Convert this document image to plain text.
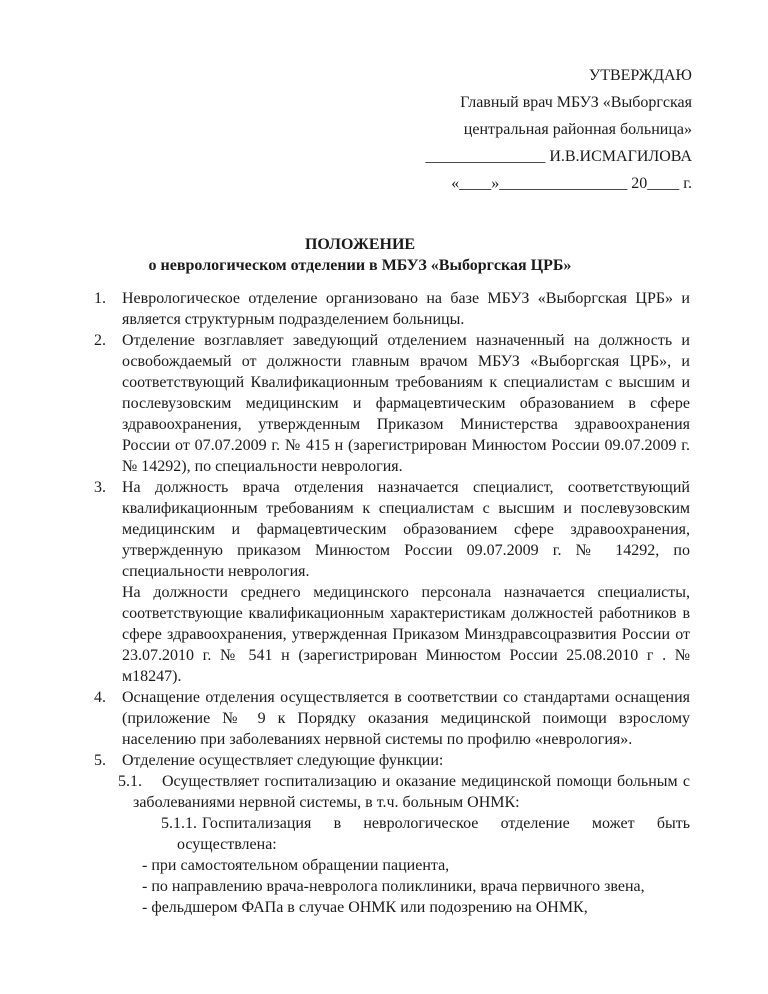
УТВЕРЖДАЮ
Главный врач МБУЗ «Выборгская
центральная районная больница»
_______________ И.В.ИСМАГИЛОВА
«____»________________ 20____ г.
ПОЛОЖЕНИЕ
о неврологическом отделении в МБУЗ «Выборгская ЦРБ»
1. Неврологическое отделение организовано на базе МБУЗ «Выборгская ЦРБ» и является структурным подразделением больницы.
2. Отделение возглавляет заведующий отделением назначенный на должность и освобождаемый от должности главным врачом МБУЗ «Выборгская ЦРБ», и соответствующий Квалификационным требованиям к специалистам с высшим и послевузовским медицинским и фармацевтическим образованием в сфере здравоохранения, утвержденным Приказом Министерства здравоохранения России от 07.07.2009 г. № 415 н (зарегистрирован Минюстом России 09.07.2009 г. № 14292), по специальности неврология.
3. На должность врача отделения назначается специалист, соответствующий квалификационным требованиям к специалистам с высшим и послевузовским медицинским и фармацевтическим образованием сфере здравоохранения, утвержденную приказом Минюстом России 09.07.2009 г. № 14292, по специальности неврология.
На должности среднего медицинского персонала назначается специалисты, соответствующие квалификационным характеристикам должностей работников в сфере здравоохранения, утвержденная Приказом Минздравсоцразвития России от 23.07.2010 г. № 541 н (зарегистрирован Минюстом России 25.08.2010 г . № м18247).
4. Оснащение отделения осуществляется в соответствии со стандартами оснащения (приложение № 9 к Порядку оказания медицинской поимощи взрослому населению при заболеваниях нервной системы по профилю «неврология».
5. Отделение осуществляет следующие функции:
5.1. Осуществляет госпитализацию и оказание медицинской помощи больным с заболеваниями нервной системы, в т.ч. больным ОНМК:
5.1.1. Госпитализация в неврологическое отделение может быть осуществлена:
- при самостоятельном обращении пациента,
- по направлению врача-невролога поликлиники, врача первичного звена,
- фельдшером ФАПа в случае ОНМК или подозрению на ОНМК,
